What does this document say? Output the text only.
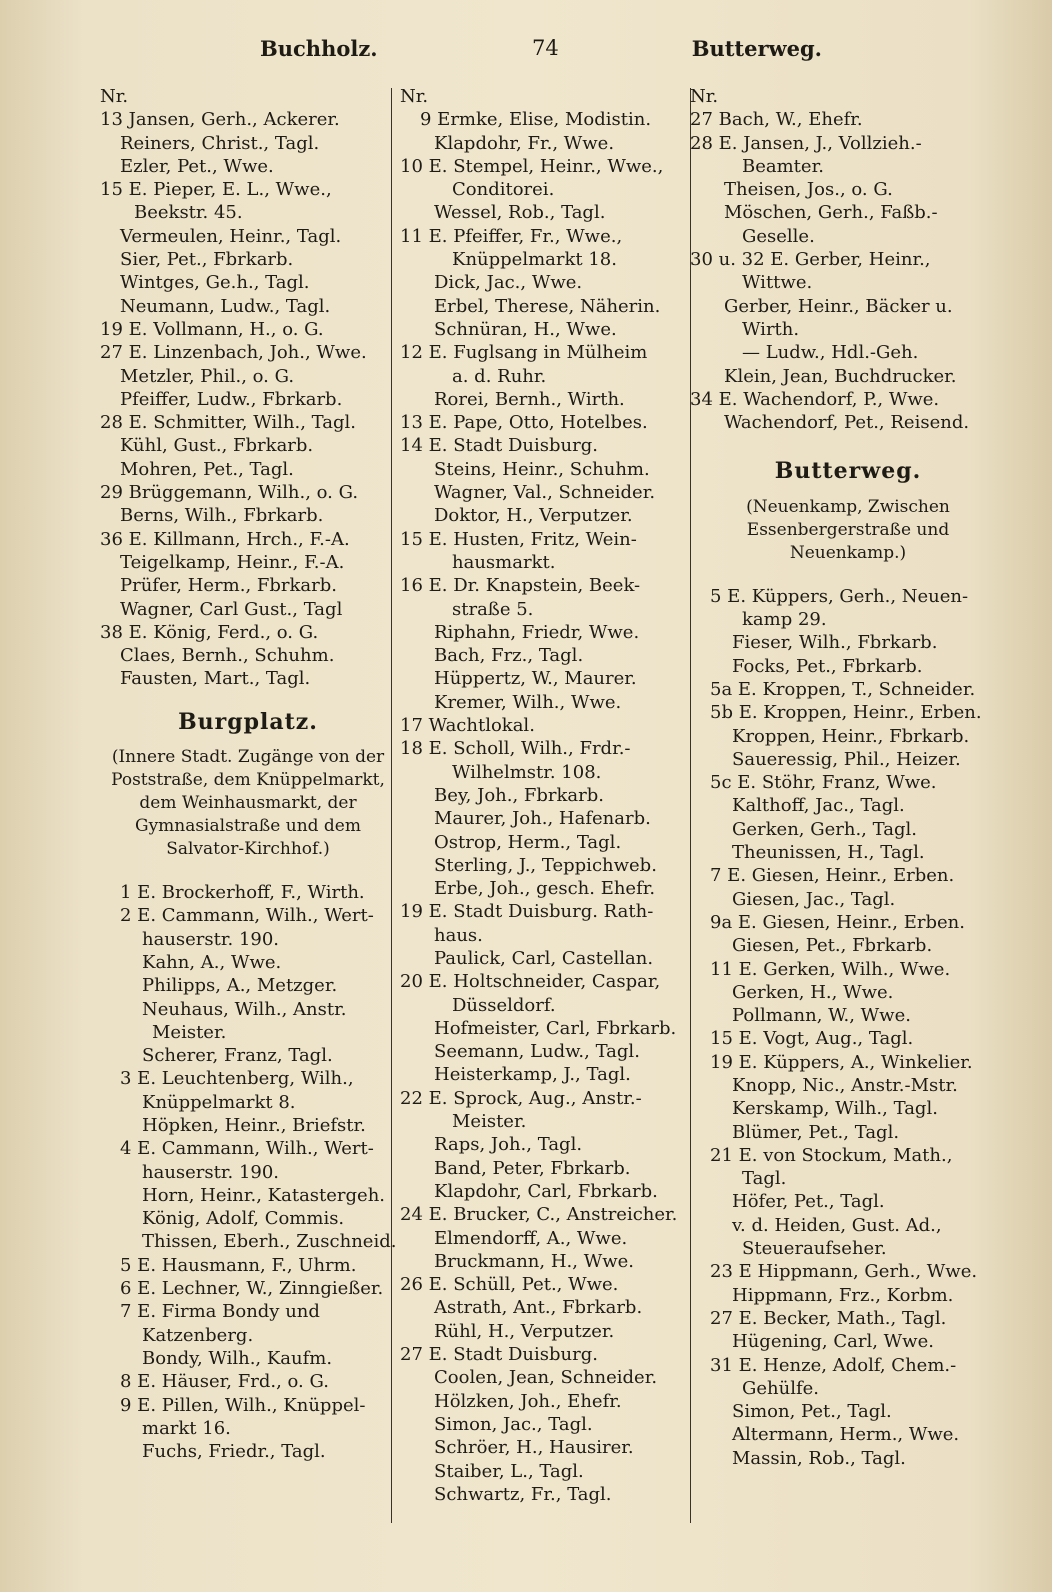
Buchholz.	74	Butterweg.
Nr.
13 Jansen, Gerh., Ackerer.
Reiners, Christ., Tagl.
Ezler, Pet., Wwe.
15 E. Pieper, E. L., Wwe.,
Beekstr. 45.
Vermeulen, Heinr., Tagl.
Sier, Pet., Fbrkarb.
Wintges, Ge.h., Tagl.
Neumann, Ludw., Tagl.
19 E. Vollmann, H., o. G.
27 E. Linzenbach, Joh., Wwe.
Metzler, Phil., o. G.
Pfeiffer, Ludw., Fbrkarb.
28 E. Schmitter, Wilh., Tagl.
Kühl, Gust., Fbrkarb.
Mohren, Pet., Tagl.
29 Brüggemann, Wilh., o. G.
Berns, Wilh., Fbrkarb.
36 E. Killmann, Hrch., F.-A.
Teigelkamp, Heinr., F.-A.
Prüfer, Herm., Fbrkarb.
Wagner, Carl Gust., Tagl
38 E. König, Ferd., o. G.
Claes, Bernh., Schuhm.
Fausten, Mart., Tagl.
Burgplatz.
(Innere Stadt. Zugänge von der Poststraße, dem Knüppelmarkt, dem Weinhausmarkt, der Gymnasialstraße und dem Salvator-Kirchhof.)
1 E. Brockerhoff, F., Wirth.
2 E. Cammann, Wilh., Wert-
hauserstr. 190.
Kahn, A., Wwe.
Philipps, A., Metzger.
Neuhaus, Wilh., Anstr.
Meister.
Scherer, Franz, Tagl.
3 E. Leuchtenberg, Wilh.,
Knüppelmarkt 8.
Höpken, Heinr., Briefstr.
4 E. Cammann, Wilh., Wert-
hauserstr. 190.
Horn, Heinr., Katastergeh.
König, Adolf, Commis.
Thissen, Eberh., Zuschneid.
5 E. Hausmann, F., Uhrm.
6 E. Lechner, W., Zinngießer.
7 E. Firma Bondy und
Katzenberg.
Bondy, Wilh., Kaufm.
8 E. Häuser, Frd., o. G.
9 E. Pillen, Wilh., Knüppel-
markt 16.
Fuchs, Friedr., Tagl.
Nr.
9 Ermke, Elise, Modistin.
Klapdohr, Fr., Wwe.
10 E. Stempel, Heinr., Wwe.,
Conditorei.
Wessel, Rob., Tagl.
11 E. Pfeiffer, Fr., Wwe.,
Knüppelmarkt 18.
Dick, Jac., Wwe.
Erbel, Therese, Näherin.
Schnüran, H., Wwe.
12 E. Fuglsang in Mülheim
a. d. Ruhr.
Rorei, Bernh., Wirth.
13 E. Pape, Otto, Hotelbes.
14 E. Stadt Duisburg.
Steins, Heinr., Schuhm.
Wagner, Val., Schneider.
Doktor, H., Verputzer.
15 E. Husten, Fritz, Wein-
hausmarkt.
16 E. Dr. Knapstein, Beek-
straße 5.
Riphahn, Friedr, Wwe.
Bach, Frz., Tagl.
Hüppertz, W., Maurer.
Kremer, Wilh., Wwe.
17 Wachtlokal.
18 E. Scholl, Wilh., Frdr.-
Wilhelmstr. 108.
Bey, Joh., Fbrkarb.
Maurer, Joh., Hafenarb.
Ostrop, Herm., Tagl.
Sterling, J., Teppichweb.
Erbe, Joh., gesch. Ehefr.
19 E. Stadt Duisburg. Rath-
haus.
Paulick, Carl, Castellan.
20 E. Holtschneider, Caspar,
Düsseldorf.
Hofmeister, Carl, Fbrkarb.
Seemann, Ludw., Tagl.
Heisterkamp, J., Tagl.
22 E. Sprock, Aug., Anstr.-
Meister.
Raps, Joh., Tagl.
Band, Peter, Fbrkarb.
Klapdohr, Carl, Fbrkarb.
24 E. Brucker, C., Anstreicher.
Elmendorff, A., Wwe.
Bruckmann, H., Wwe.
26 E. Schüll, Pet., Wwe.
Astrath, Ant., Fbrkarb.
Rühl, H., Verputzer.
27 E. Stadt Duisburg.
Coolen, Jean, Schneider.
Hölzken, Joh., Ehefr.
Simon, Jac., Tagl.
Schröer, H., Hausirer.
Staiber, L., Tagl.
Schwartz, Fr., Tagl.
Nr.
27 Bach, W., Ehefr.
28 E. Jansen, J., Vollzieh.-
Beamter.
Theisen, Jos., o. G.
Möschen, Gerh., Faßb.-
Geselle.
30 u. 32 E. Gerber, Heinr.,
Wittwe.
Gerber, Heinr., Bäcker u.
Wirth.
— Ludw., Hdl.-Geh.
Klein, Jean, Buchdrucker.
34 E. Wachendorf, P., Wwe.
Wachendorf, Pet., Reisend.
Butterweg.
(Neuenkamp, Zwischen Essenbergerstraße und Neuenkamp.)
5 E. Küppers, Gerh., Neuen-
kamp 29.
Fieser, Wilh., Fbrkarb.
Focks, Pet., Fbrkarb.
5a E. Kroppen, T., Schneider.
5b E. Kroppen, Heinr., Erben.
Kroppen, Heinr., Fbrkarb.
Saueressig, Phil., Heizer.
5c E. Stöhr, Franz, Wwe.
Kalthoff, Jac., Tagl.
Gerken, Gerh., Tagl.
Theunissen, H., Tagl.
7 E. Giesen, Heinr., Erben.
Giesen, Jac., Tagl.
9a E. Giesen, Heinr., Erben.
Giesen, Pet., Fbrkarb.
11 E. Gerken, Wilh., Wwe.
Gerken, H., Wwe.
Pollmann, W., Wwe.
15 E. Vogt, Aug., Tagl.
19 E. Küppers, A., Winkelier.
Knopp, Nic., Anstr.-Mstr.
Kerskamp, Wilh., Tagl.
Blümer, Pet., Tagl.
21 E. von Stockum, Math.,
Tagl.
Höfer, Pet., Tagl.
v. d. Heiden, Gust. Ad.,
Steueraufseher.
23 E Hippmann, Gerh., Wwe.
Hippmann, Frz., Korbm.
27 E. Becker, Math., Tagl.
Hügening, Carl, Wwe.
31 E. Henze, Adolf, Chem.-
Gehülfe.
Simon, Pet., Tagl.
Altermann, Herm., Wwe.
Massin, Rob., Tagl.
